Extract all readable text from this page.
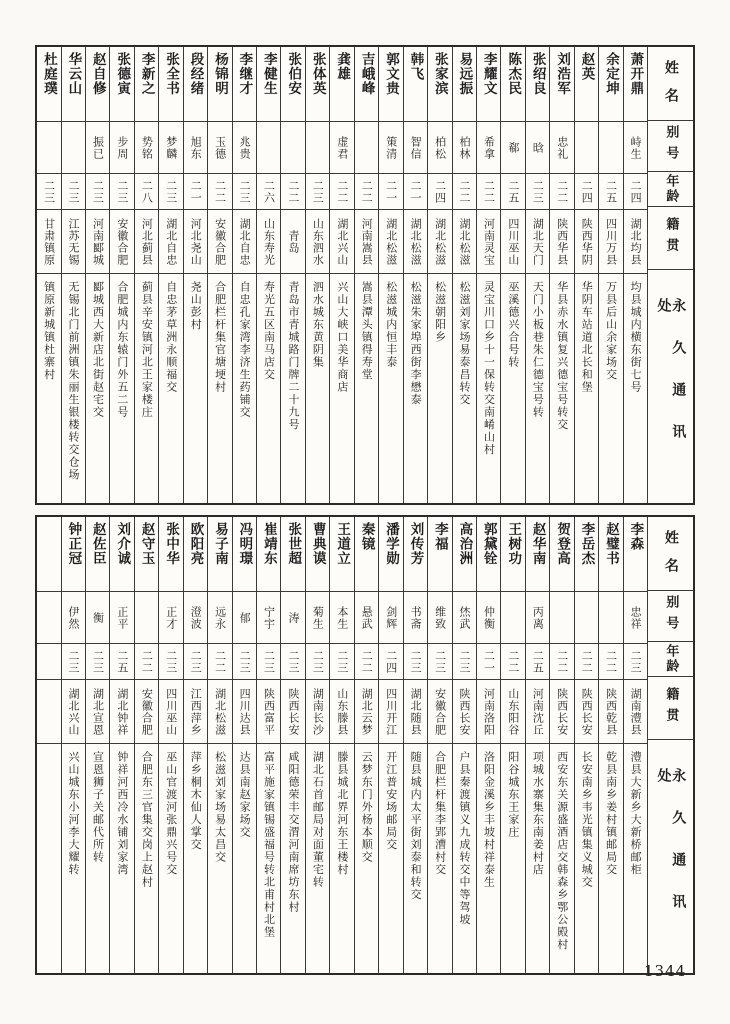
姓名
别号
年龄
籍贯
永久通讯处
萧开鼎
峙生
二四
湖北均县
均县城内横东街七号
余定坤
二五
四川万县
万县后山余家场交
赵英
二四
陕西华阴
华阴车站道北长和堡
刘浩军
忠礼
二二
陕西华县
华县赤水镇复兴德宝号转交
张绍良
晗
二三
湖北天门
天门小板巷朱仁德宝号转
陈杰民
郗
二五
四川巫山
巫溪德兴合号转
李耀文
希拿
二二
河南灵宝
灵宝川口乡十一保转交南崤山村
易远振
柏林
二二
湖北松滋
松滋刘家场易泰昌转交
张家滨
柏松
二四
湖北松滋
松滋朝阳乡
韩飞
智信
二一
湖北松滋
松滋朱家埠西街李懋泰
郭文贵
策清
二一
湖北松滋
松滋城内恒丰泰
吉峨峰
二二
河南嵩县
嵩县潭头镇得寿堂
龚雄
虚君
二二
湖北兴山
兴山大峡口美华商店
张体英
二三
山东泗水
泗水城东黄阴集
张伯安
二二
青岛
青岛市青城路门牌二十九号
李健生
二六
山东寿光
寿光五区南马店交
李继才
兆贵
二三
湖北自忠
自忠孔家湾李济生药铺交
杨锦明
玉德
二二
安徽合肥
合肥栏杆集官塘埂村
段经绪
旭东
二一
河北尧山
尧山彭村
张全书
梦麟
二三
湖北自忠
自忠茅草洲永顺福交
李新之
势铭
二八
河北蓟县
蓟县辛安镇河北王家楼庄
张德寅
步周
二三
安徽合肥
合肥城内东辕门外五二号
赵自修
振已
二三
河南郾城
郾城西大新店北街赵宅交
华云山
二三
江苏无锡
无锡北门前洲镇朱丽生银楼转交仓场
杜庭璞
二三
甘肃镇原
镇原新城镇杜寨村
姓名
别号
年龄
籍贯
永久通讯处
李森
忠祥
二三
湖南澧县
澧县大新乡大新桥邮柜
赵璧书
二二
陕西乾县
乾县南乡姜村镇邮局交
李岳杰
二二
陕西长安
长安南乡韦光镇集义城交
贺登高
二二
陕西长安
西安东关源盛酒店交韩森乡鄂公殿村
赵华南
丙离
二五
河南沈丘
项城水寨集东南姜村店
王树功
二二
山东阳谷
阳谷城东王家庄
郭黛铨
仲衡
二一
河南洛阳
洛阳金溪乡丰坡村祥泰生
高治洲
烋武
二三
陕西长安
户县秦渡镇义九成转交中等驾坡
李福
维致
二三
安徽合肥
合肥栏杆集李郢漕村交
刘传芳
书斋
二三
湖北随县
随县城内太平街刘泰和转交
潘学勋
剑辉
二四
四川开江
开江普安场邮局交
秦镜
悬武
二二
湖北云梦
云梦东门外杨本顺交
王道立
本生
二三
山东滕县
滕县城北界河东王楼村
曹典谟
菊生
二三
湖南长沙
湖北石首邮局对面董宅转
张世超
涛
二三
陕西长安
咸阳德荣丰交渭河南席坊东村
崔靖东
宁宇
二三
陕西富平
富平施家镇锡盛福号转北甫村北堡
冯明璟
郁
二三
四川达县
达县南赵家场交
易子南
远永
二二
湖北松滋
松滋刘家场易太昌交
欧阳亮
澄波
二三
江西萍乡
萍乡桐木仙人掌交
张中华
正才
二三
四川巫山
巫山官渡河张鼎兴号交
赵守玉
二二
安徽合肥
合肥东三官集交岗上赵村
刘介诚
正平
二五
湖北钟祥
钟祥河西冷水铺刘家湾
赵佐臣
衡
二三
湖北宣恩
宣恩狮子关邮代所转
钟正冠
伊然
二三
湖北兴山
兴山城东小河李大耀转
1344
